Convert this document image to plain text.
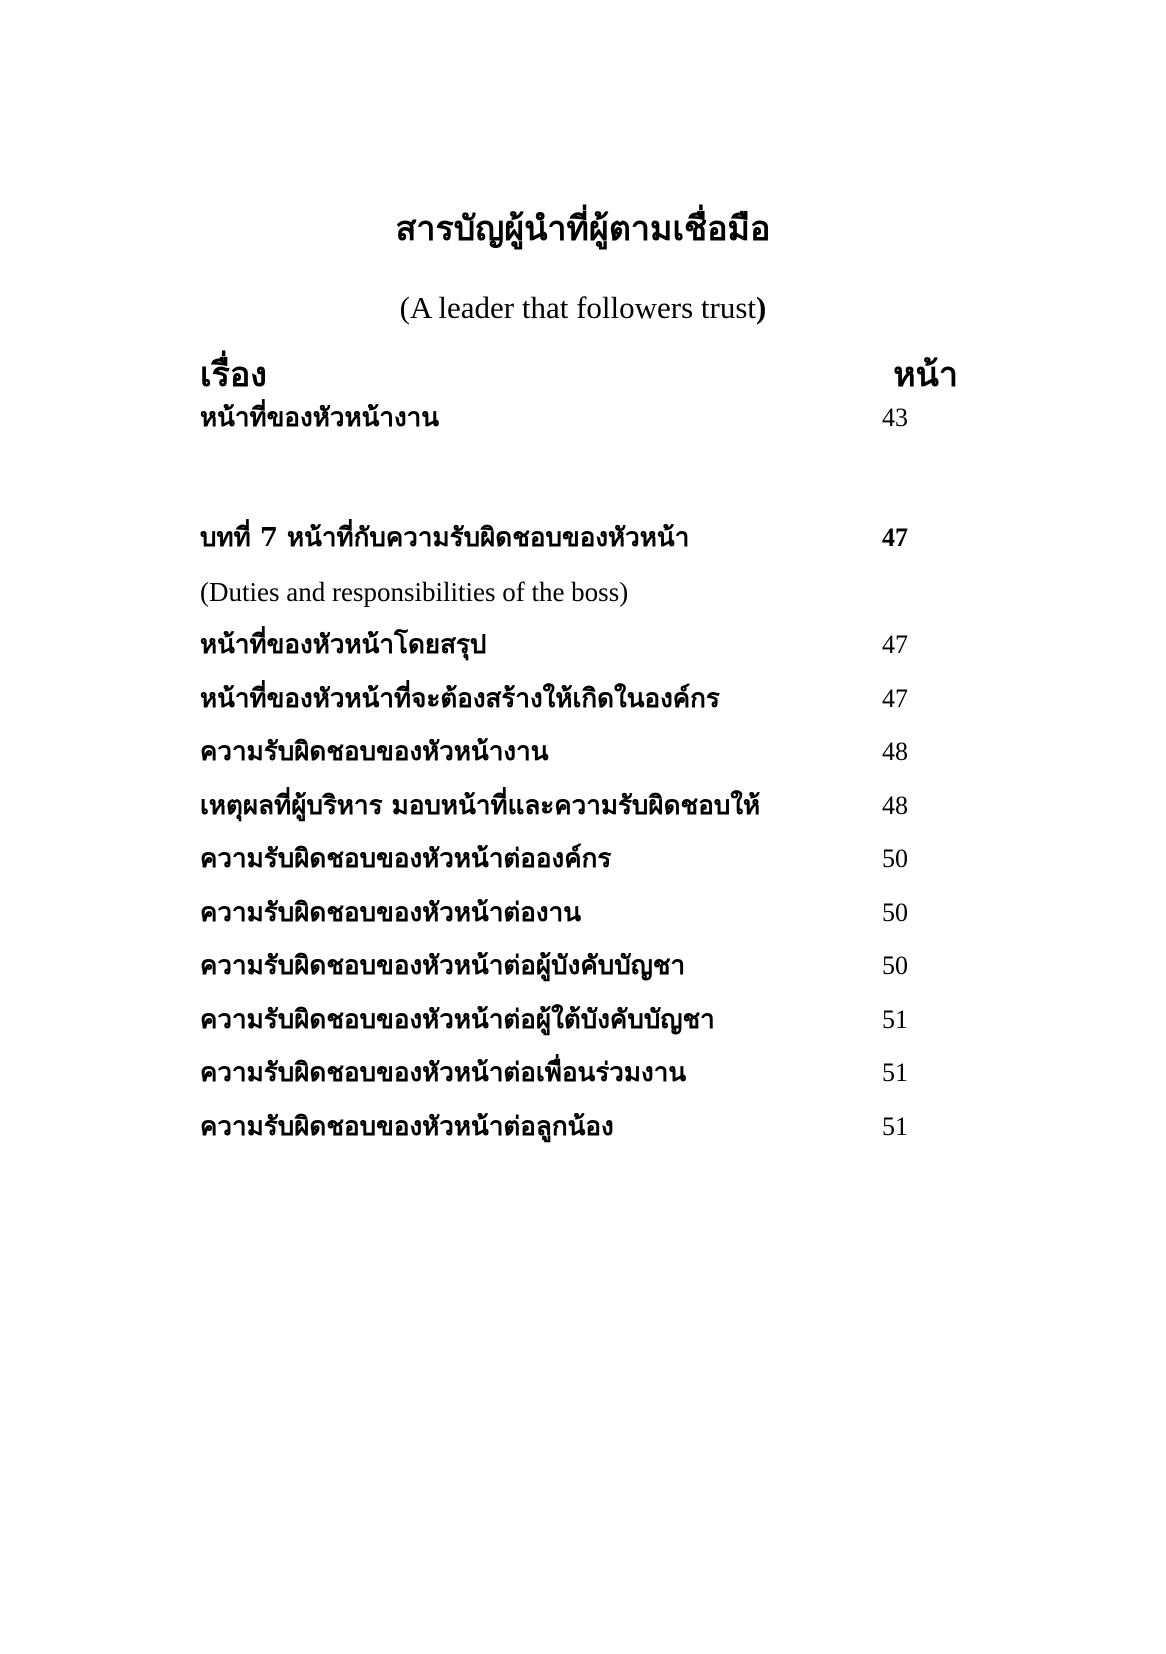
สารบัญผู้นำที่ผู้ตามเชื่อมือ
(A leader that followers trust)
เรื่อง	หน้า
หน้าที่ของหัวหน้างาน	43
บทที่ 7 หน้าที่กับความรับผิดชอบของหัวหน้า	47
(Duties and responsibilities of the boss)
หน้าที่ของหัวหน้าโดยสรุป	47
หน้าที่ของหัวหน้าที่จะต้องสร้างให้เกิดในองค์กร	47
ความรับผิดชอบของหัวหน้างาน	48
เหตุผลที่ผู้บริหาร มอบหน้าที่และความรับผิดชอบให้	48
ความรับผิดชอบของหัวหน้าต่อองค์กร	50
ความรับผิดชอบของหัวหน้าต่องาน	50
ความรับผิดชอบของหัวหน้าต่อผู้บังคับบัญชา	50
ความรับผิดชอบของหัวหน้าต่อผู้ใต้บังคับบัญชา	51
ความรับผิดชอบของหัวหน้าต่อเพื่อนร่วมงาน	51
ความรับผิดชอบของหัวหน้าต่อลูกน้อง	51
